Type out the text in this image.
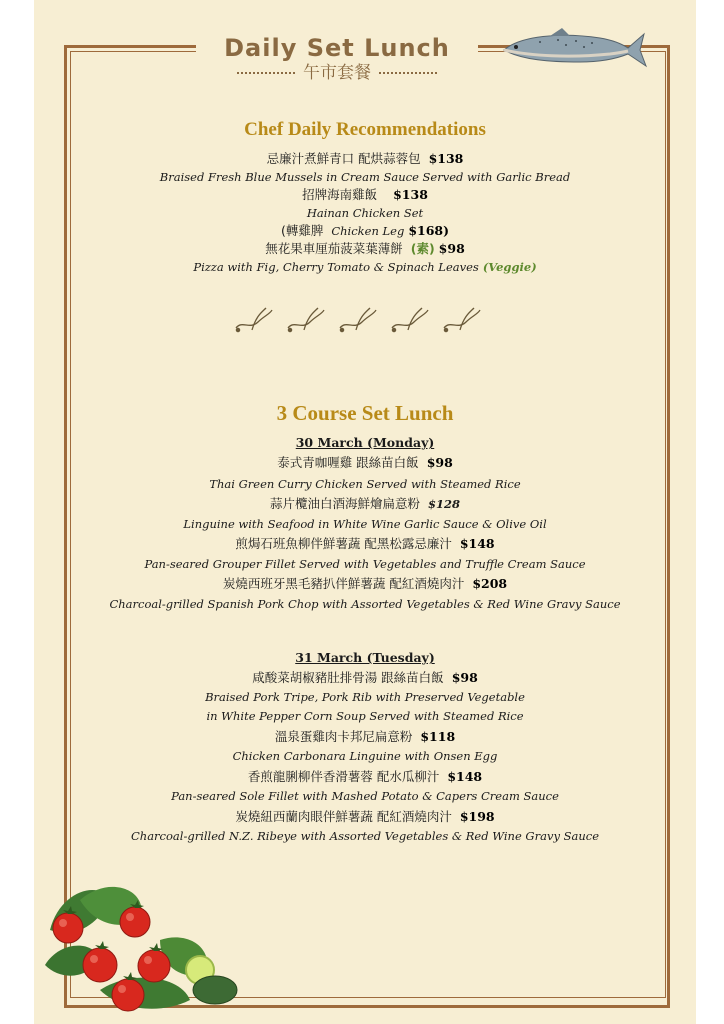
Daily Set Lunch
午市套餐
Chef Daily Recommendations
忌廉汁煮鮮青口 配烘蒜蓉包 $138
Braised Fresh Blue Mussels in Cream Sauce Served with Garlic Bread
招牌海南雞飯 $138
Hainan Chicken Set
(轉雞脾 Chicken Leg $168)
無花果車厘茄菠菜葉薄餅 (素) $98
Pizza with Fig, Cherry Tomato & Spinach Leaves (Veggie)
3 Course Set Lunch
30 March (Monday)
泰式青咖喱雞 跟絲苗白飯 $98
Thai Green Curry Chicken Served with Steamed Rice
蒜片欖油白酒海鮮燴扁意粉 $128
Linguine with Seafood in White Wine Garlic Sauce & Olive Oil
煎焗石班魚柳伴鮮薯蔬 配黑松露忌廉汁 $148
Pan-seared Grouper Fillet Served with Vegetables and Truffle Cream Sauce
炭燒西班牙黑毛豬扒伴鮮薯蔬 配紅酒燒肉汁 $208
Charcoal-grilled Spanish Pork Chop with Assorted Vegetables & Red Wine Gravy Sauce
31 March (Tuesday)
咸酸菜胡椒豬肚排骨湯 跟絲苗白飯 $98
Braised Pork Tripe, Pork Rib with Preserved Vegetable
in White Pepper Corn Soup Served with Steamed Rice
溫泉蛋雞肉卡邦尼扁意粉 $118
Chicken Carbonara Linguine with Onsen Egg
香煎龍脷柳伴香滑薯蓉 配水瓜柳汁 $148
Pan-seared Sole Fillet with Mashed Potato & Capers Cream Sauce
炭燒紐西蘭肉眼伴鮮薯蔬 配紅酒燒肉汁 $198
Charcoal-grilled N.Z. Ribeye with Assorted Vegetables & Red Wine Gravy Sauce
